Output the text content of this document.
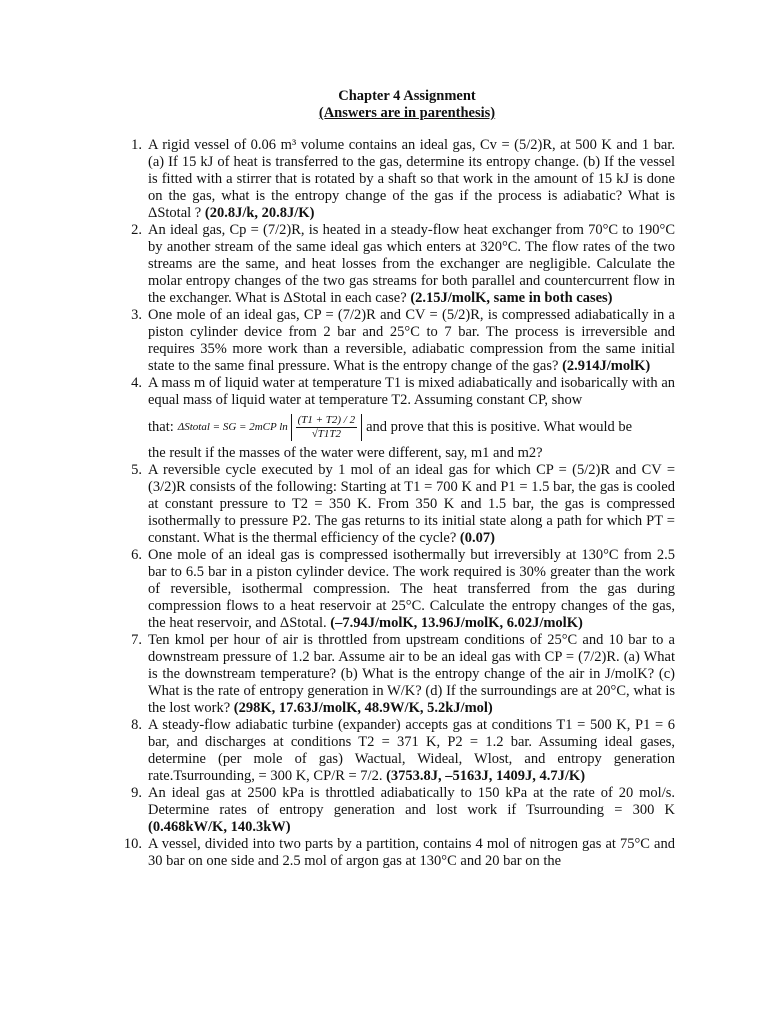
Chapter 4 Assignment
(Answers are in parenthesis)
1. A rigid vessel of 0.06 m³ volume contains an ideal gas, Cv = (5/2)R, at 500 K and 1 bar. (a) If 15 kJ of heat is transferred to the gas, determine its entropy change. (b) If the vessel is fitted with a stirrer that is rotated by a shaft so that work in the amount of 15 kJ is done on the gas, what is the entropy change of the gas if the process is adiabatic? What is ΔStotal ? (20.8J/k, 20.8J/K)
2. An ideal gas, Cp = (7/2)R, is heated in a steady-flow heat exchanger from 70°C to 190°C by another stream of the same ideal gas which enters at 320°C. The flow rates of the two streams are the same, and heat losses from the exchanger are negligible. Calculate the molar entropy changes of the two gas streams for both parallel and countercurrent flow in the exchanger. What is ΔStotal in each case? (2.15J/molK, same in both cases)
3. One mole of an ideal gas, CP = (7/2)R and CV = (5/2)R, is compressed adiabatically in a piston cylinder device from 2 bar and 25°C to 7 bar. The process is irreversible and requires 35% more work than a reversible, adiabatic compression from the same initial state to the same final pressure. What is the entropy change of the gas? (2.914J/molK)
4. A mass m of liquid water at temperature T1 is mixed adiabatically and isobarically with an equal mass of liquid water at temperature T2. Assuming constant CP, show
that: ΔStotal = SG = 2mCP $\ln \frac{(T1 + T2) / 2}{√T1T2}$ and prove that this is positive. What would be
the result if the masses of the water were different, say, m1 and m2?
5. A reversible cycle executed by 1 mol of an ideal gas for which CP = (5/2)R and CV = (3/2)R consists of the following: Starting at T1 = 700 K and P1 = 1.5 bar, the gas is cooled at constant pressure to T2 = 350 K. From 350 K and 1.5 bar, the gas is compressed isothermally to pressure P2. The gas returns to its initial state along a path for which PT = constant. What is the thermal efficiency of the cycle? (0.07)
6. One mole of an ideal gas is compressed isothermally but irreversibly at 130°C from 2.5 bar to 6.5 bar in a piston cylinder device. The work required is 30% greater than the work of reversible, isothermal compression. The heat transferred from the gas during compression flows to a heat reservoir at 25°C. Calculate the entropy changes of the gas, the heat reservoir, and ΔStotal. (–7.94J/molK, 13.96J/molK, 6.02J/molK)
7. Ten kmol per hour of air is throttled from upstream conditions of 25°C and 10 bar to a downstream pressure of 1.2 bar. Assume air to be an ideal gas with CP = (7/2)R. (a) What is the downstream temperature? (b) What is the entropy change of the air in J/molK? (c) What is the rate of entropy generation in W/K? (d) If the surroundings are at 20°C, what is the lost work? (298K, 17.63J/molK, 48.9W/K, 5.2kJ/mol)
8. A steady-flow adiabatic turbine (expander) accepts gas at conditions T1 = 500 K, P1 = 6 bar, and discharges at conditions T2 = 371 K, P2 = 1.2 bar. Assuming ideal gases, determine (per mole of gas) Wactual, Wideal, Wlost, and entropy generation rate.Tsurrounding, = 300 K, CP/R = 7/2. (3753.8J, –5163J, 1409J, 4.7J/K)
9. An ideal gas at 2500 kPa is throttled adiabatically to 150 kPa at the rate of 20 mol/s. Determine rates of entropy generation and lost work if Tsurrounding = 300 K (0.468kW/K, 140.3kW)
10. A vessel, divided into two parts by a partition, contains 4 mol of nitrogen gas at 75°C and 30 bar on one side and 2.5 mol of argon gas at 130°C and 20 bar on the
